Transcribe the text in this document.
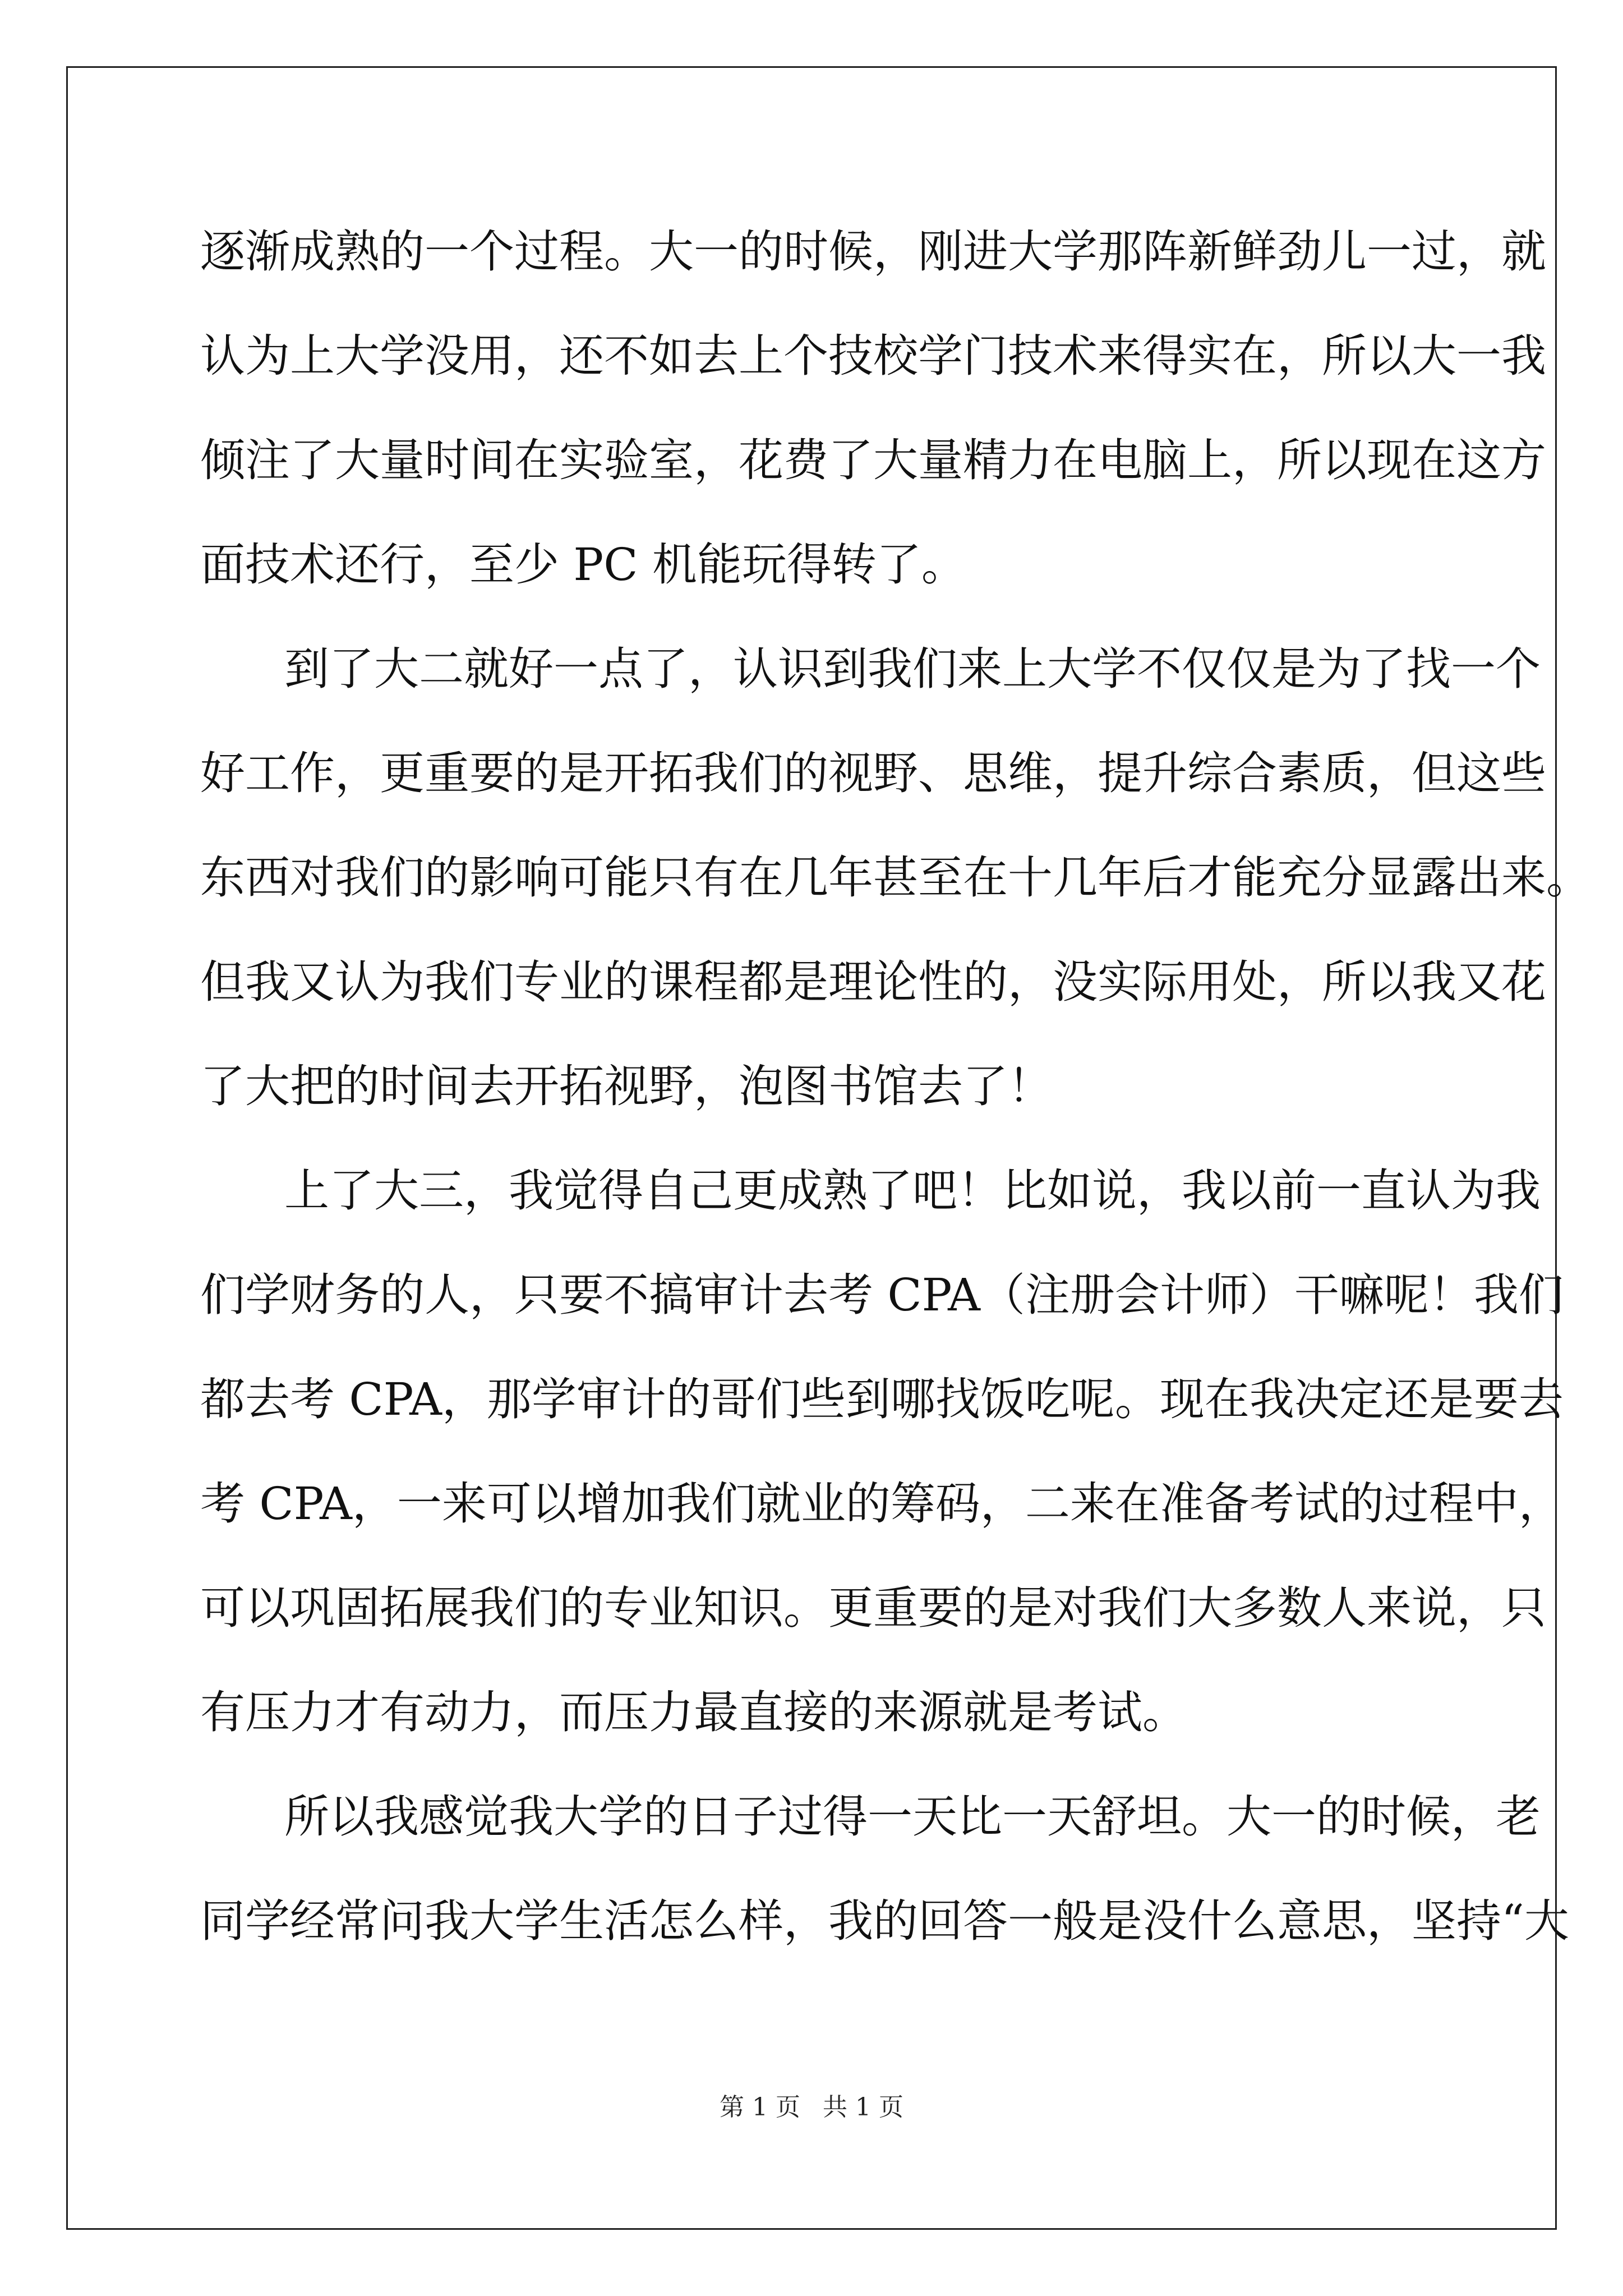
逐渐成熟的一个过程。大一的时候，刚进大学那阵新鲜劲儿一过，就
认为上大学没用，还不如去上个技校学门技术来得实在，所以大一我
倾注了大量时间在实验室，花费了大量精力在电脑上，所以现在这方
面技术还行，至少 PC 机能玩得转了。
到了大二就好一点了，认识到我们来上大学不仅仅是为了找一个
好工作，更重要的是开拓我们的视野、思维，提升综合素质，但这些
东西对我们的影响可能只有在几年甚至在十几年后才能充分显露出来。
但我又认为我们专业的课程都是理论性的，没实际用处，所以我又花
了大把的时间去开拓视野，泡图书馆去了！
上了大三，我觉得自己更成熟了吧！比如说，我以前一直认为我
们学财务的人，只要不搞审计去考 CPA（注册会计师）干嘛呢！我们
都去考 CPA，那学审计的哥们些到哪找饭吃呢。现在我决定还是要去
考 CPA，一来可以增加我们就业的筹码，二来在准备考试的过程中，
可以巩固拓展我们的专业知识。更重要的是对我们大多数人来说，只
有压力才有动力，而压力最直接的来源就是考试。
所以我感觉我大学的日子过得一天比一天舒坦。大一的时候，老
同学经常问我大学生活怎么样，我的回答一般是没什么意思，坚持“大
第 1 页 共 1 页
